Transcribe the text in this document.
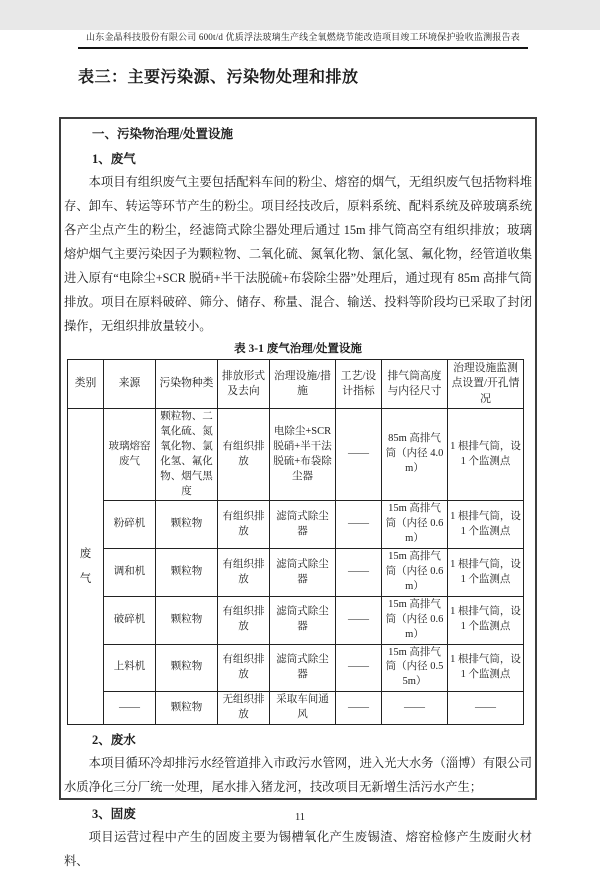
山东金晶科技股份有限公司 600t/d 优质浮法玻璃生产线全氧燃烧节能改造项目竣工环境保护验收监测报告表
表三：主要污染源、污染物处理和排放
一、污染物治理/处置设施
1、废气

本项目有组织废气主要包括配料车间的粉尘、熔窑的烟气，无组织废气包括物料堆存、卸车、转运等环节产生的粉尘。项目经技改后，原料系统、配料系统及碎玻璃系统各产尘点产生的粉尘，经滤筒式除尘器处理后通过 15m 排气筒高空有组织排放；玻璃熔炉烟气主要污染因子为颗粒物、二氧化硫、氮氧化物、氯化氢、氟化物，经管道收集进入原有“电除尘+SCR 脱硝+半干法脱硫+布袋除尘器”处理后，通过现有 85m 高排气筒排放。项目在原料破碎、筛分、储存、称量、混合、输送、投料等阶段均已采取了封闭操作，无组织排放量较小。

表 3-1 废气治理/处置设施
类别	来源	污染物种类	排放形式及去向	治理设施/措施	工艺/设计指标	排气筒高度与内径尺寸	治理设施监测点设置/开孔情况
废气	玻璃熔窑废气	颗粒物、二氧化硫、氮氧化物、氯化氢、氟化物、烟气黑度	有组织排放	电除尘+SCR 脱硝+半干法脱硫+布袋除尘器	——	85m 高排气筒（内径 4.0m）	1 根排气筒，设 1 个监测点
	粉碎机	颗粒物	有组织排放	滤筒式除尘器	——	15m 高排气筒（内径 0.6m）	1 根排气筒，设 1 个监测点
	调和机	颗粒物	有组织排放	滤筒式除尘器	——	15m 高排气筒（内径 0.6m）	1 根排气筒，设 1 个监测点
	破碎机	颗粒物	有组织排放	滤筒式除尘器	——	15m 高排气筒（内径 0.6m）	1 根排气筒，设 1 个监测点
	上料机	颗粒物	有组织排放	滤筒式除尘器	——	15m 高排气筒（内径 0.55m）	1 根排气筒，设 1 个监测点
	——	颗粒物	无组织排放	采取车间通风	——	——	——
2、废水

本项目循环冷却排污水经管道排入市政污水管网，进入光大水务（淄博）有限公司水质净化三分厂统一处理，尾水排入猪龙河，技改项目无新增生活污水产生；

3、固废

项目运营过程中产生的固废主要为锡槽氧化产生废锡渣、熔窑检修产生废耐火材料、

11
